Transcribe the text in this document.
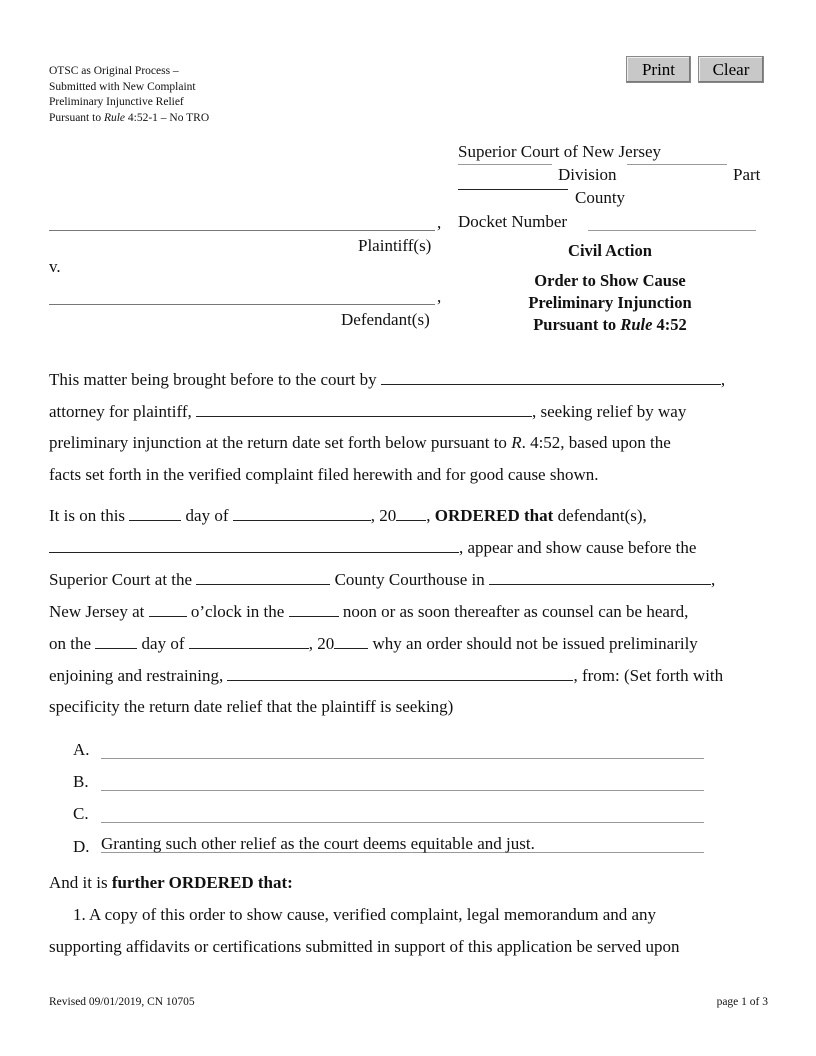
OTSC as Original Process –
Submitted with New Complaint
Preliminary Injunctive Relief
Pursuant to Rule 4:52-1 – No TRO
Print	Clear
Superior Court of New Jersey
Division	Part
County
Docket Number
,
Plaintiff(s)
v.
,
Defendant(s)
Civil Action
Order to Show Cause
Preliminary Injunction
Pursuant to Rule 4:52
This matter being brought before to the court by	,
attorney for plaintiff,	, seeking relief by way
preliminary injunction at the return date set forth below pursuant to R. 4:52, based upon the
facts set forth in the verified complaint filed herewith and for good cause shown.
It is on this	day of	, 20 , ORDERED that defendant(s),
, appear and show cause before the
Superior Court at the	County Courthouse in	,
New Jersey at  o’clock in the	noon or as soon thereafter as counsel can be heard,
on the  day of	, 20 why an order should not be issued preliminarily
enjoining and restraining,	, from: (Set forth with
specificity the return date relief that the plaintiff is seeking)
A.
B.
C.
D. Granting such other relief as the court deems equitable and just.
And it is further ORDERED that:
1. A copy of this order to show cause, verified complaint, legal memorandum and any
supporting affidavits or certifications submitted in support of this application be served upon
Revised 09/01/2019, CN 10705	page 1 of 3
